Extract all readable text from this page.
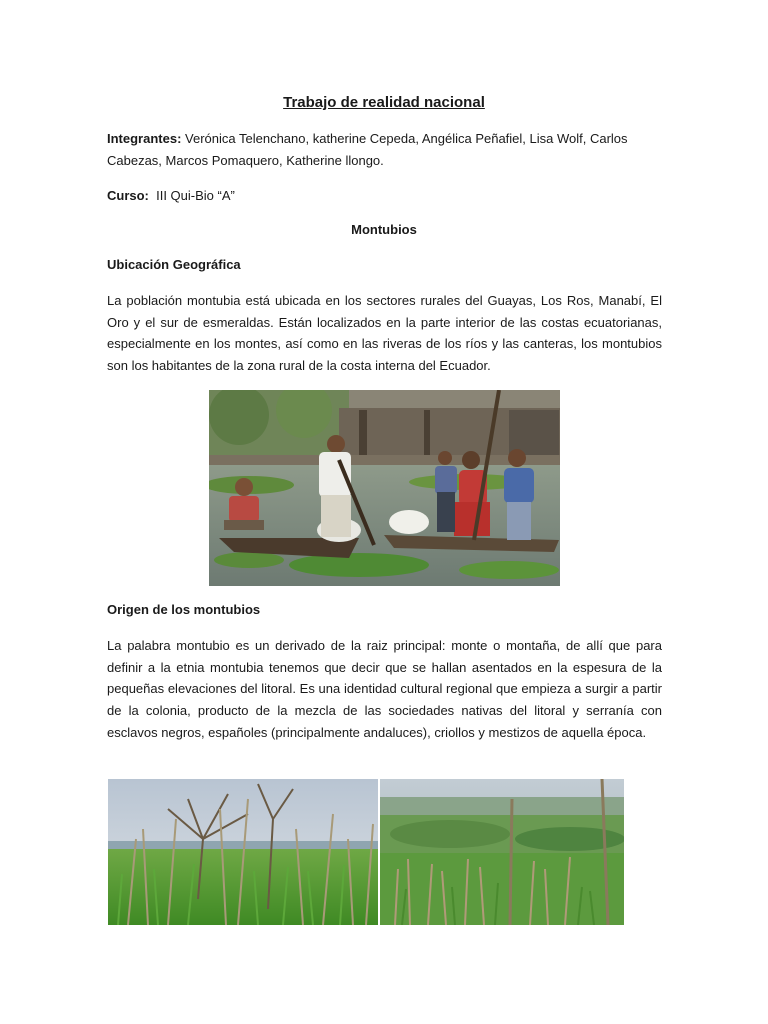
Trabajo de realidad nacional
Integrantes: Verónica Telenchano, katherine Cepeda, Angélica Peñafiel, Lisa Wolf, Carlos Cabezas, Marcos Pomaquero, Katherine llongo.
Curso:  III Qui-Bio “A”
Montubios
Ubicación Geográfica
La población montubia está ubicada en los sectores rurales del Guayas, Los Ros, Manabí, El Oro y el sur de esmeraldas. Están localizados en la parte interior de las costas ecuatorianas, especialmente en los montes, así como en las riveras de los ríos y las canteras, los montubios son los habitantes de la zona rural de la costa interna del Ecuador.
Origen de los montubios
La palabra montubio es un derivado de la raiz principal: monte o montaña, de allí que para definir a la etnia montubia tenemos que decir que se hallan asentados en la espesura de la pequeñas elevaciones del litoral. Es una identidad cultural regional que empieza a surgir a partir de la colonia, producto de la mezcla de las sociedades nativas del litoral y serranía con esclavos negros, españoles (principalmente andaluces), criollos y mestizos de aquella época.
